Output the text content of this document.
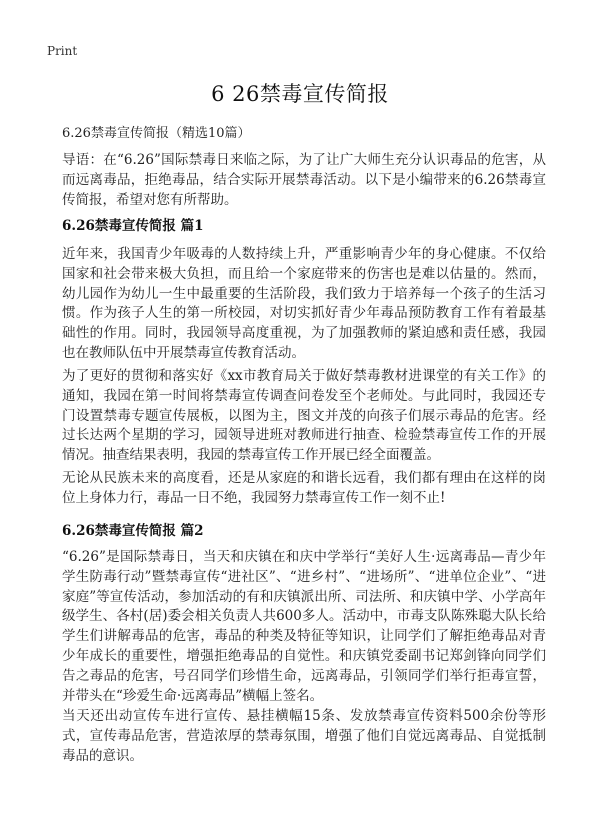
Print
6 26禁毒宣传简报
6.26禁毒宣传简报（精选10篇）

导语：在“6.26”国际禁毒日来临之际，为了让广大师生充分认识毒品的危害，从而远离毒品，拒绝毒品，结合实际开展禁毒活动。以下是小编带来的6.26禁毒宣传简报，希望对您有所帮助。

6.26禁毒宣传简报 篇1

近年来，我国青少年吸毒的人数持续上升，严重影响青少年的身心健康。不仅给国家和社会带来极大负担，而且给一个家庭带来的伤害也是难以估量的。然而，幼儿园作为幼儿一生中最重要的生活阶段，我们致力于培养每一个孩子的生活习惯。作为孩子人生的第一所校园，对切实抓好青少年毒品预防教育工作有着最基础性的作用。同时，我园领导高度重视，为了加强教师的紧迫感和责任感，我园也在教师队伍中开展禁毒宣传教育活动。

为了更好的贯彻和落实好《xx市教育局关于做好禁毒教材进课堂的有关工作》的通知，我园在第一时间将禁毒宣传调查问卷发至个老师处。与此同时，我园还专门设置禁毒专题宣传展板，以图为主，图文并茂的向孩子们展示毒品的危害。经过长达两个星期的学习，园领导进班对教师进行抽查、检验禁毒宣传工作的开展情况。抽查结果表明，我园的禁毒宣传工作开展已经全面覆盖。

无论从民族未来的高度看，还是从家庭的和谐长远看，我们都有理由在这样的岗位上身体力行，毒品一日不绝，我园努力禁毒宣传工作一刻不止!

6.26禁毒宣传简报 篇2

“6.26”是国际禁毒日，当天和庆镇在和庆中学举行“美好人生·远离毒品—青少年学生防毒行动”暨禁毒宣传“进社区”、“进乡村”、“进场所”、“进单位企业”、“进家庭”等宣传活动，参加活动的有和庆镇派出所、司法所、和庆镇中学、小学高年级学生、各村(居)委会相关负责人共600多人。活动中，市毒支队陈殊聪大队长给学生们讲解毒品的危害，毒品的种类及特征等知识，让同学们了解拒绝毒品对青少年成长的重要性，增强拒绝毒品的自觉性。和庆镇党委副书记郑剑锋向同学们告之毒品的危害，号召同学们珍惜生命，远离毒品，引领同学们举行拒毒宣誓，并带头在“珍爱生命·远离毒品”横幅上签名。

当天还出动宣传车进行宣传、悬挂横幅15条、发放禁毒宣传资料500余份等形式，宣传毒品危害，营造浓厚的禁毒氛围，增强了他们自觉远离毒品、自觉抵制毒品的意识。
